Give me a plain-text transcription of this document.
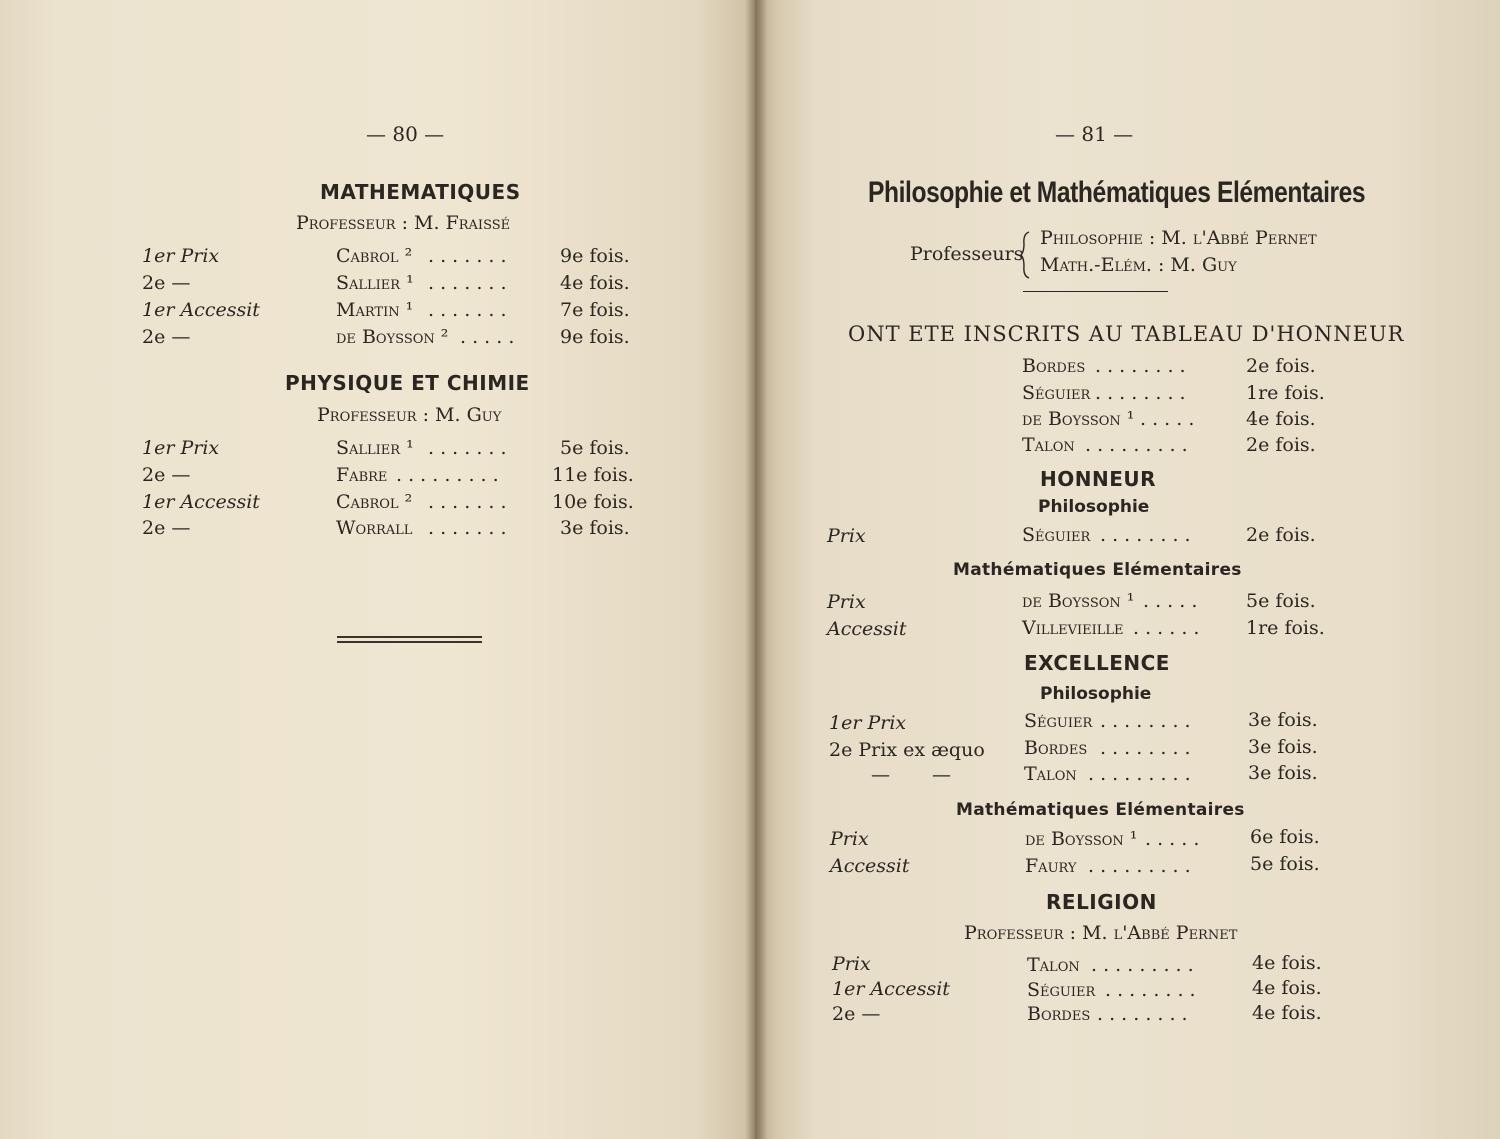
— 80 —
MATHEMATIQUES
Professeur : M. Fraissé
1er Prix	Cabrol ² . . . . . . .	9e fois.
2e —	Sallier ¹ . . . . . . .	4e fois.
1er Accessit	Martin ¹ . . . . . . .	7e fois.
2e —	de Boysson ² . . . . . 9e fois.
PHYSIQUE ET CHIMIE
Professeur : M. Guy
1er Prix	Sallier ¹ . . . . . . .	5e fois.
2e —	Fabre . . . . . . . . .	11e fois.
1er Accessit	Cabrol ² . . . . . . . 10e fois.
2e —	Worrall . . . . . . .	3e fois.
— 81 —
Philosophie et Mathématiques Elémentaires
Professeurs
Philosophie : M. l'Abbé Pernet
Math.-Elém. : M. Guy
ONT ETE INSCRITS AU TABLEAU D'HONNEUR
Bordes . . . . . . . .	2e fois.
Séguier . . . . . . . .	1re fois.
de Boysson ¹ . . . . .	4e fois.
Talon . . . . . . . . .	2e fois.
HONNEUR
Philosophie
Prix	Séguier . . . . . . . .	2e fois.
Mathématiques Elémentaires
Prix	de Boysson ¹ . . . . .	5e fois.
Accessit	Villevieille . . . . . . 1re fois.
EXCELLENCE
Philosophie
1er Prix	Séguier . . . . . . . .	3e fois.
2e Prix ex æquo Bordes . . . . . . . .	3e fois.
— —	Talon . . . . . . . . .	3e fois.
Mathématiques Elémentaires
Prix	de Boysson ¹ . . . . .	6e fois.
Accessit	Faury . . . . . . . . .	5e fois.
RELIGION
Professeur : M. l'Abbé Pernet
Prix	Talon . . . . . . . . .	4e fois.
1er Accessit	Séguier . . . . . . . .	4e fois.
2e —	Bordes . . . . . . . .	4e fois.
